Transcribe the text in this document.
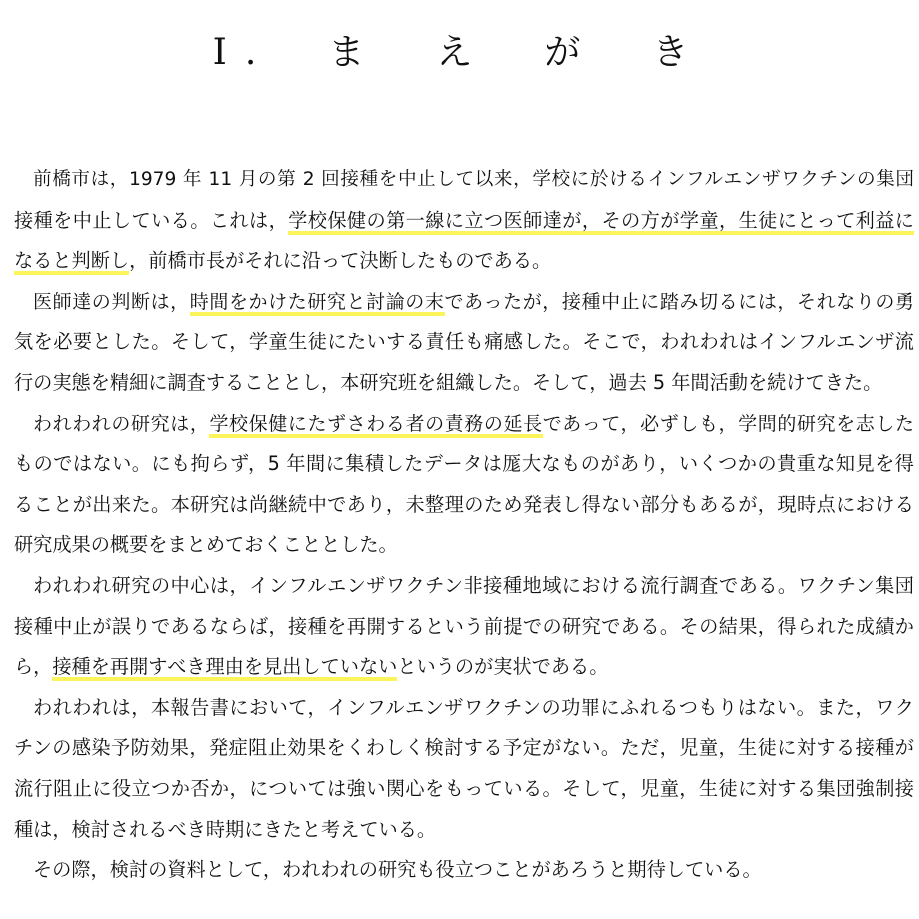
I.　ま　え　が　き
前橋市は，1979 年 11 月の第 2 回接種を中止して以来，学校に於けるインフルエンザワクチンの集団
接種を中止している。これは，学校保健の第一線に立つ医師達が，その方が学童，生徒にとって利益に
なると判断し，前橋市長がそれに沿って決断したものである。
医師達の判断は，時間をかけた研究と討論の末であったが，接種中止に踏み切るには，それなりの勇
気を必要とした。そして，学童生徒にたいする責任も痛感した。そこで，われわれはインフルエンザ流
行の実態を精細に調査することとし，本研究班を組織した。そして，過去 5 年間活動を続けてきた。
われわれの研究は，学校保健にたずさわる者の責務の延長であって，必ずしも，学問的研究を志した
ものではない。にも拘らず，5 年間に集積したデータは厖大なものがあり，いくつかの貴重な知見を得
ることが出来た。本研究は尚継続中であり，未整理のため発表し得ない部分もあるが，現時点における
研究成果の概要をまとめておくこととした。
われわれ研究の中心は，インフルエンザワクチン非接種地域における流行調査である。ワクチン集団
接種中止が誤りであるならば，接種を再開するという前提での研究である。その結果，得られた成績か
ら，接種を再開すべき理由を見出していないというのが実状である。
われわれは，本報告書において，インフルエンザワクチンの功罪にふれるつもりはない。また，ワク
チンの感染予防効果，発症阻止効果をくわしく検討する予定がない。ただ，児童，生徒に対する接種が
流行阻止に役立つか否か，については強い関心をもっている。そして，児童，生徒に対する集団強制接
種は，検討されるべき時期にきたと考えている。
その際，検討の資料として，われわれの研究も役立つことがあろうと期待している。
